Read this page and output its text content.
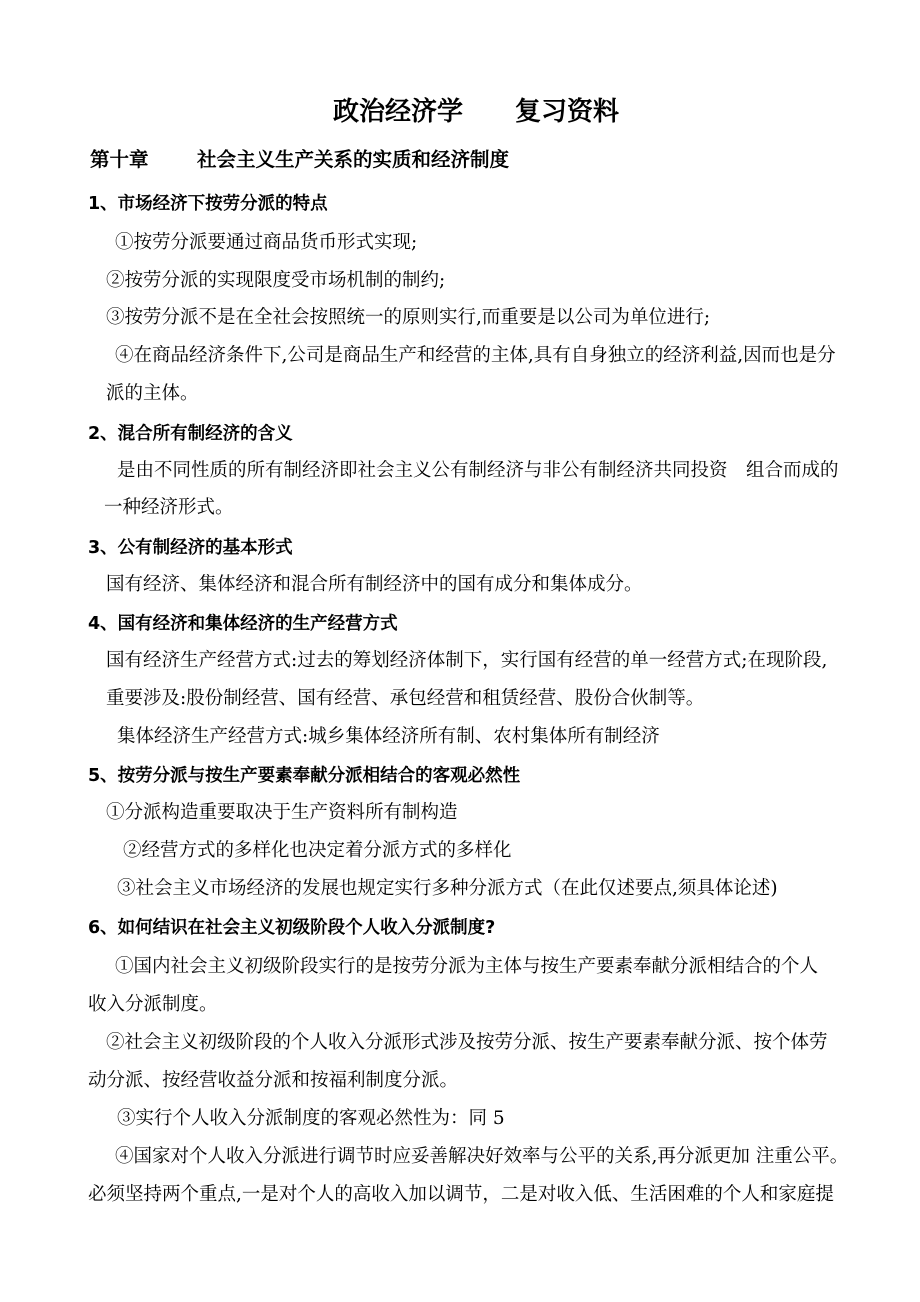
政治经济学 复习资料
第十章 社会主义生产关系的实质和经济制度
1、市场经济下按劳分派的特点
①按劳分派要通过商品货币形式实现;
②按劳分派的实现限度受市场机制的制约;
③按劳分派不是在全社会按照统一的原则实行,而重要是以公司为单位进行;
④在商品经济条件下,公司是商品生产和经营的主体,具有自身独立的经济利益,因而也是分
派的主体。
2、混合所有制经济的含义
是由不同性质的所有制经济即社会主义公有制经济与非公有制经济共同投资　组合而成的
一种经济形式。
3、公有制经济的基本形式
国有经济、集体经济和混合所有制经济中的国有成分和集体成分。
4、国有经济和集体经济的生产经营方式
国有经济生产经营方式:过去的筹划经济体制下，实行国有经营的单一经营方式;在现阶段,
重要涉及:股份制经营、国有经营、承包经营和租赁经营、股份合伙制等。
集体经济生产经营方式:城乡集体经济所有制、农村集体所有制经济
5、按劳分派与按生产要素奉献分派相结合的客观必然性
①分派构造重要取决于生产资料所有制构造
②经营方式的多样化也决定着分派方式的多样化
③社会主义市场经济的发展也规定实行多种分派方式（在此仅述要点,须具体论述)
6、如何结识在社会主义初级阶段个人收入分派制度?
①国内社会主义初级阶段实行的是按劳分派为主体与按生产要素奉献分派相结合的个人
收入分派制度。
②社会主义初级阶段的个人收入分派形式涉及按劳分派、按生产要素奉献分派、按个体劳
动分派、按经营收益分派和按福利制度分派。
③实行个人收入分派制度的客观必然性为：同 5
④国家对个人收入分派进行调节时应妥善解决好效率与公平的关系,再分派更加 注重公平。
必须坚持两个重点,一是对个人的高收入加以调节，二是对收入低、生活困难的个人和家庭提
